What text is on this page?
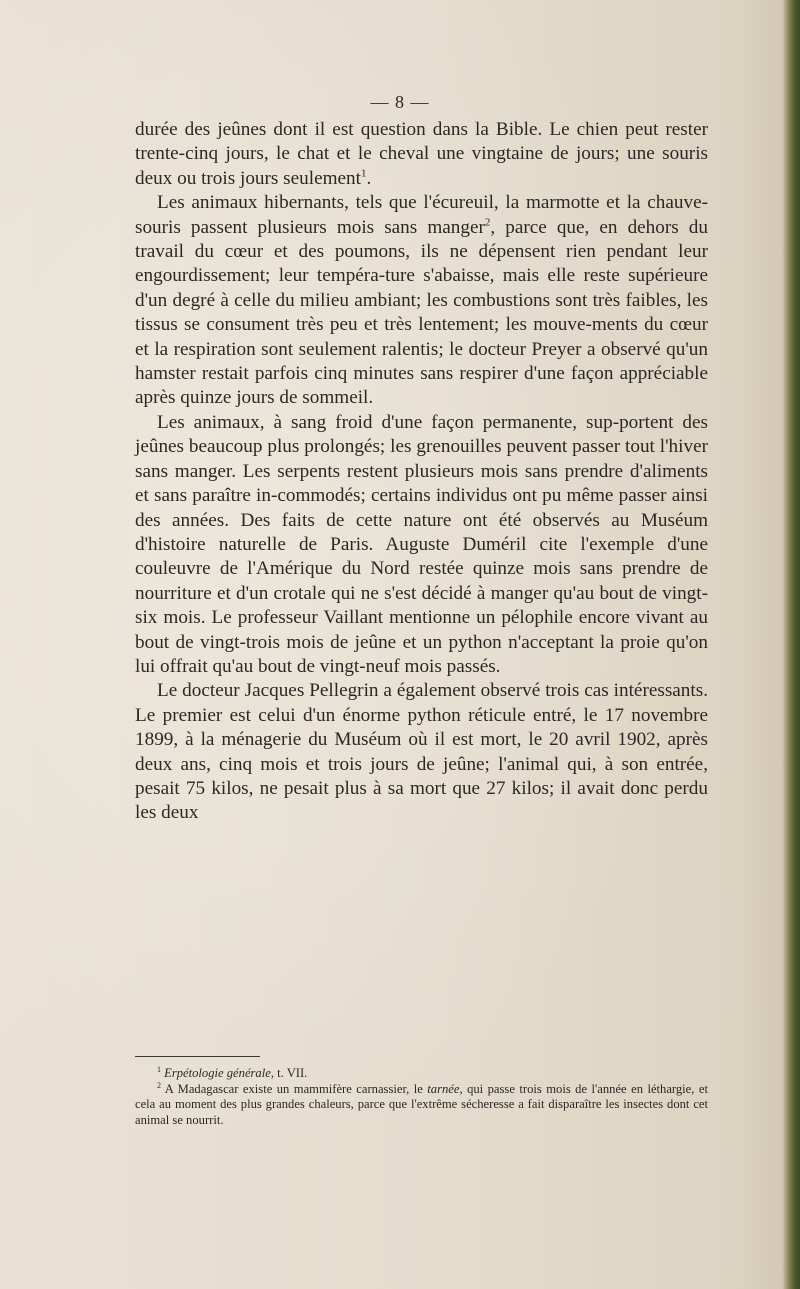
— 8 —

durée des jeûnes dont il est question dans la Bible. Le chien peut rester trente-cinq jours, le chat et le cheval une vingtaine de jours; une souris deux ou trois jours seulement$^1$.

Les animaux hibernants, tels que l'écureuil, la marmotte et la chauve-souris passent plusieurs mois sans manger$^2$, parce que, en dehors du travail du cœur et des poumons, ils ne dépensent rien pendant leur engourdissement; leur tempéra-ture s'abaisse, mais elle reste supérieure d'un degré à celle du milieu ambiant; les combustions sont très faibles, les tissus se consument très peu et très lentement; les mouve-ments du cœur et la respiration sont seulement ralentis; le docteur Preyer a observé qu'un hamster restait parfois cinq minutes sans respirer d'une façon appréciable après quinze jours de sommeil.

Les animaux, à sang froid d'une façon permanente, sup-portent des jeûnes beaucoup plus prolongés; les grenouilles peuvent passer tout l'hiver sans manger. Les serpents restent plusieurs mois sans prendre d'aliments et sans paraître in-commodés; certains individus ont pu même passer ainsi des années. Des faits de cette nature ont été observés au Muséum d'histoire naturelle de Paris. Auguste Duméril cite l'exemple d'une couleuvre de l'Amérique du Nord restée quinze mois sans prendre de nourriture et d'un crotale qui ne s'est décidé à manger qu'au bout de vingt-six mois. Le professeur Vaillant mentionne un pélophile encore vivant au bout de vingt-trois mois de jeûne et un python n'acceptant la proie qu'on lui offrait qu'au bout de vingt-neuf mois passés.

Le docteur Jacques Pellegrin a également observé trois cas intéressants. Le premier est celui d'un énorme python réticule entré, le 17 novembre 1899, à la ménagerie du Muséum où il est mort, le 20 avril 1902, après deux ans, cinq mois et trois jours de jeûne; l'animal qui, à son entrée, pesait 75 kilos, ne pesait plus à sa mort que 27 kilos; il avait donc perdu les deux

$^1$ Erpétologie générale, t. VII.

$^2$ A Madagascar existe un mammifère carnassier, le tarnée, qui passe trois mois de l'année en léthargie, et cela au moment des plus grandes chaleurs, parce que l'extrême sécheresse a fait disparaître les insectes dont cet animal se nourrit.
